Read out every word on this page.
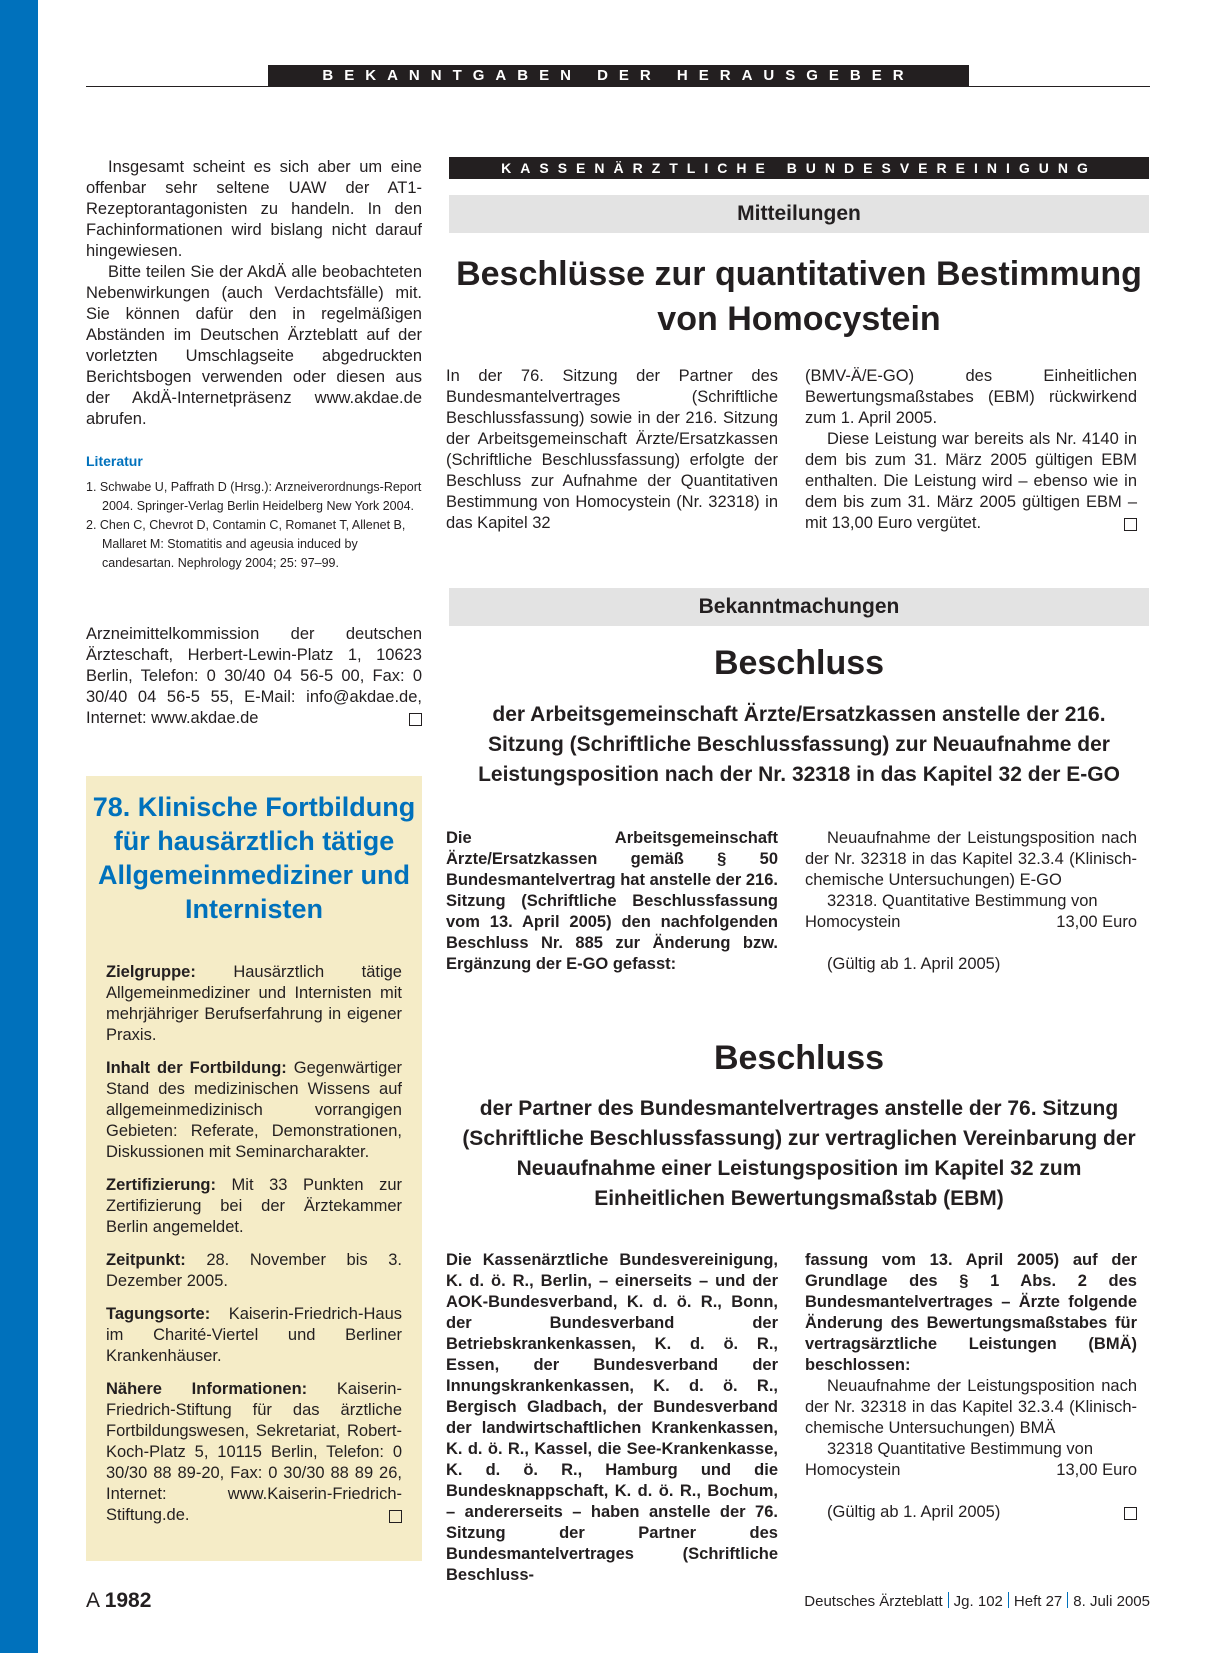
BEKANNTGABEN DER HERAUSGEBER

Insgesamt scheint es sich aber um eine offenbar sehr seltene UAW der AT1-Rezeptorantagonisten zu handeln. In den Fachinformationen wird bislang nicht darauf hingewiesen.

Bitte teilen Sie der AkdÄ alle beobachteten Nebenwirkungen (auch Verdachtsfälle) mit. Sie können dafür den in regelmäßigen Abständen im Deutschen Ärzteblatt auf der vorletzten Umschlagseite abgedruckten Berichtsbogen verwenden oder diesen aus der AkdÄ-Internetpräsenz www.akdae.de abrufen.

Literatur

1. Schwabe U, Paffrath D (Hrsg.): Arzneiverordnungs-Report 2004. Springer-Verlag Berlin Heidelberg New York 2004.

2. Chen C, Chevrot D, Contamin C, Romanet T, Allenet B, Mallaret M: Stomatitis and ageusia induced by candesartan. Nephrology 2004; 25: 97–99.

Arzneimittelkommission der deutschen Ärzteschaft, Herbert-Lewin-Platz 1, 10623 Berlin, Telefon: 0 30/40 04 56-5 00, Fax: 0 30/40 04 56-5 55, E-Mail: info@akdae.de, Internet: www.akdae.de

78. Klinische Fortbildung für hausärztlich tätige Allgemeinmediziner und Internisten

Zielgruppe: Hausärztlich tätige Allgemeinmediziner und Internisten mit mehrjähriger Berufserfahrung in eigener Praxis.

Inhalt der Fortbildung: Gegenwärtiger Stand des medizinischen Wissens auf allgemeinmedizinisch vorrangigen Gebieten: Referate, Demonstrationen, Diskussionen mit Seminarcharakter.

Zertifizierung: Mit 33 Punkten zur Zertifizierung bei der Ärztekammer Berlin angemeldet.

Zeitpunkt: 28. November bis 3. Dezember 2005.

Tagungsorte: Kaiserin-Friedrich-Haus im Charité-Viertel und Berliner Krankenhäuser.

Nähere Informationen: Kaiserin-Friedrich-Stiftung für das ärztliche Fortbildungswesen, Sekretariat, Robert-Koch-Platz 5, 10115 Berlin, Telefon: 0 30/30 88 89-20, Fax: 0 30/30 88 89 26, Internet: www.Kaiserin-Friedrich-Stiftung.de.

KASSENÄRZTLICHE BUNDESVEREINIGUNG
Mitteilungen
Beschlüsse zur quantitativen Bestimmung von Homocystein

In der 76. Sitzung der Partner des Bundesmantelvertrages (Schriftliche Beschlussfassung) sowie in der 216. Sitzung der Arbeitsgemeinschaft Ärzte/Ersatzkassen (Schriftliche Beschlussfassung) erfolgte der Beschluss zur Aufnahme der Quantitativen Bestimmung von Homocystein (Nr. 32318) in das Kapitel 32

(BMV-Ä/E-GO) des Einheitlichen Bewertungsmaßstabes (EBM) rückwirkend zum 1. April 2005.

Diese Leistung war bereits als Nr. 4140 in dem bis zum 31. März 2005 gültigen EBM enthalten. Die Leistung wird – ebenso wie in dem bis zum 31. März 2005 gültigen EBM – mit 13,00 Euro vergütet.

Bekanntmachungen
Beschluss
der Arbeitsgemeinschaft Ärzte/Ersatzkassen anstelle der 216. Sitzung (Schriftliche Beschlussfassung) zur Neuaufnahme der Leistungsposition nach der Nr. 32318 in das Kapitel 32 der E-GO

Die Arbeitsgemeinschaft Ärzte/Ersatzkassen gemäß § 50 Bundesmantelvertrag hat anstelle der 216. Sitzung (Schriftliche Beschlussfassung vom 13. April 2005) den nachfolgenden Beschluss Nr. 885 zur Änderung bzw. Ergänzung der E-GO gefasst:

Neuaufnahme der Leistungsposition nach der Nr. 32318 in das Kapitel 32.3.4 (Klinisch-chemische Untersuchungen) E-GO

32318. Quantitative Bestimmung von Homocystein	13,00 Euro

(Gültig ab 1. April 2005)

Beschluss
der Partner des Bundesmantelvertrages anstelle der 76. Sitzung (Schriftliche Beschlussfassung) zur vertraglichen Vereinbarung der Neuaufnahme einer Leistungsposition im Kapitel 32 zum Einheitlichen Bewertungsmaßstab (EBM)

Die Kassenärztliche Bundesvereinigung, K. d. ö. R., Berlin, – einerseits – und der AOK-Bundesverband, K. d. ö. R., Bonn, der Bundesverband der Betriebskrankenkassen, K. d. ö. R., Essen, der Bundesverband der Innungskrankenkassen, K. d. ö. R., Bergisch Gladbach, der Bundesverband der landwirtschaftlichen Krankenkassen, K. d. ö. R., Kassel, die See-Krankenkasse, K. d. ö. R., Hamburg und die Bundesknappschaft, K. d. ö. R., Bochum, – andererseits – haben anstelle der 76. Sitzung der Partner des Bundesmantelvertrages (Schriftliche Beschluss-

fassung vom 13. April 2005) auf der Grundlage des § 1 Abs. 2 des Bundesmantelvertrages – Ärzte folgende Änderung des Bewertungsmaßstabes für vertragsärztliche Leistungen (BMÄ) beschlossen:

Neuaufnahme der Leistungsposition nach der Nr. 32318 in das Kapitel 32.3.4 (Klinisch-chemische Untersuchungen) BMÄ

32318 Quantitative Bestimmung von Homocystein	13,00 Euro

(Gültig ab 1. April 2005)

A 1982	Deutsches Ärzteblatt Jg. 102 Heft 27 8. Juli 2005
